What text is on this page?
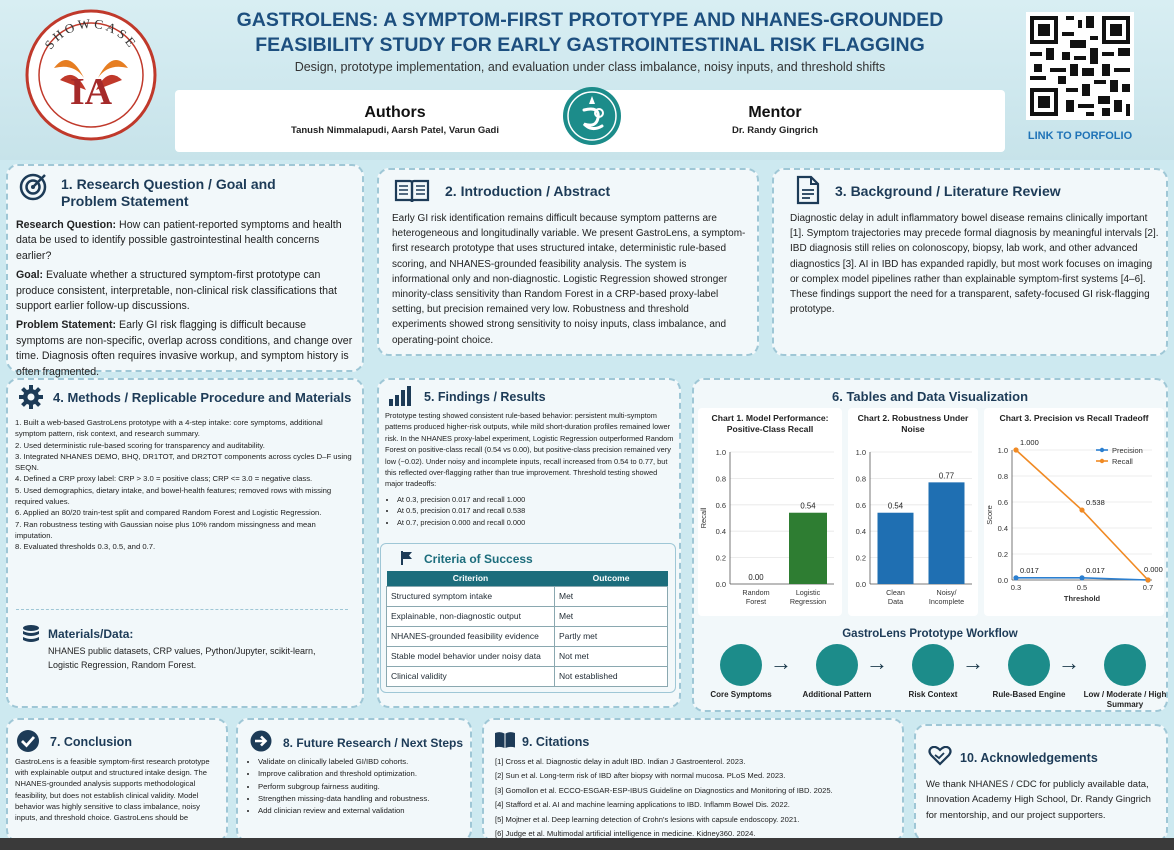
SHOWCASE
IA
GASTROLENS: A SYMPTOM-FIRST PROTOTYPE AND NHANES-GROUNDED
FEASIBILITY STUDY FOR EARLY GASTROINTESTINAL RISK FLAGGING
Design, prototype implementation, and evaluation under class imbalance, noisy inputs, and threshold shifts
Authors
Tanush Nimmalapudi, Aarsh Patel, Varun Gadi
Mentor
Dr. Randy Gingrich	LINK TO PORFOLIO
1. Research Question / Goal and
Problem Statement
Research Question: How can patient-reported symptoms and health data be used to identify possible gastrointestinal health concerns earlier?
Goal: Evaluate whether a structured symptom-first prototype can produce consistent, interpretable, non-clinical risk classifications that support earlier follow-up discussions.
Problem Statement: Early GI risk flagging is difficult because symptoms are non-specific, overlap across conditions, and change over time. Diagnosis often requires invasive workup, and symptom history is often fragmented.
2. Introduction / Abstract
Early GI risk identification remains difficult because symptom patterns are heterogeneous and longitudinally variable. We present GastroLens, a symptom-first research prototype that uses structured intake, deterministic rule-based scoring, and NHANES-grounded feasibility analysis. The system is informational only and non-diagnostic. Logistic Regression showed stronger minority-class sensitivity than Random Forest in a CRP-based proxy-label setting, but precision remained very low. Robustness and threshold experiments showed strong sensitivity to noisy inputs, class imbalance, and operating-point choice.
3. Background / Literature Review
Diagnostic delay in adult inflammatory bowel disease remains clinically important [1]. Symptom trajectories may precede formal diagnosis by meaningful intervals [2]. IBD diagnosis still relies on colonoscopy, biopsy, lab work, and other advanced diagnostics [3]. AI in IBD has expanded rapidly, but most work focuses on imaging or complex model pipelines rather than explainable symptom-first systems [4–6]. These findings support the need for a transparent, safety-focused GI risk-flagging prototype.
4. Methods / Replicable Procedure and Materials
1. Built a web-based GastroLens prototype with a 4-step intake: core symptoms, additional symptom pattern, risk context, and research summary.
2. Used deterministic rule-based scoring for transparency and auditability.
3. Integrated NHANES DEMO, BHQ, DR1TOT, and DR2TOT components across cycles D–F using SEQN.
4. Defined a CRP proxy label: CRP > 3.0 = positive class; CRP <= 3.0 = negative class.
5. Used demographics, dietary intake, and bowel-health features; removed rows with missing required values.
6. Applied an 80/20 train-test split and compared Random Forest and Logistic Regression.
7. Ran robustness testing with Gaussian noise plus 10% random missingness and mean imputation.
8. Evaluated thresholds 0.3, 0.5, and 0.7.
Materials/Data:
NHANES public datasets, CRP values, Python/Jupyter, scikit-learn, Logistic Regression, Random Forest.
5. Findings / Results
Prototype testing showed consistent rule-based behavior: persistent multi-symptom patterns produced higher-risk outputs, while mild short-duration profiles remained lower risk. In the NHANES proxy-label experiment, Logistic Regression outperformed Random Forest on positive-class recall (0.54 vs 0.00), but positive-class precision remained very low (~0.02). Under noisy and incomplete inputs, recall increased from 0.54 to 0.77, but this reflected over-flagging rather than true improvement. Threshold testing showed major tradeoffs:
• At 0.3, precision 0.017 and recall 1.000
• At 0.5, precision 0.017 and recall 0.538
• At 0.7, precision 0.000 and recall 0.000
Criteria of Success
Criterion	Outcome
Structured symptom intake	Met
Explainable, non-diagnostic output	Met
NHANES-grounded feasibility evidence	Partly met
Stable model behavior under noisy data	Not met
Clinical validity	Not established
6. Tables and Data Visualization
Chart 1. Model Performance: Positive-Class Recall
0.0
0.2
0.4
0.6
0.8
1.0
Recall
0.00
Random
Forest
0.54
Logistic
Regression
Chart 2. Robustness Under Noise
0.0
0.2
0.4
0.6
0.8
1.0
0.54
Clean
Data
0.77
Noisy/
Incomplete
Chart 3. Precision vs Recall Tradeoff
0.0
0.2
0.4
0.6
0.8
1.0
Score
0.3	0.5	0.7
Threshold
0.017	0.017
Precision
1.000
0.538
0.000
Recall
GastroLens Prototype Workflow
Core Symptoms
→
Additional Pattern
→
Risk Context
→
Rule-Based Engine
→
Low / Moderate / High Summary
7. Conclusion
GastroLens is a feasible symptom-first research prototype with explainable output and structured intake design. The NHANES-grounded analysis supports methodological feasibility, but does not establish clinical validity. Model behavior was highly sensitive to class imbalance, noisy inputs, and threshold choice. GastroLens should be
8. Future Research / Next Steps
• Validate on clinically labeled GI/IBD cohorts.
• Improve calibration and threshold optimization.
• Perform subgroup fairness auditing.
• Strengthen missing-data handling and robustness.
• Add clinician review and external validation
9. Citations
[1] Cross et al. Diagnostic delay in adult IBD. Indian J Gastroenterol. 2023.
[2] Sun et al. Long-term risk of IBD after biopsy with normal mucosa. PLoS Med. 2023.
[3] Gomollon et al. ECCO-ESGAR-ESP-IBUS Guideline on Diagnostics and Monitoring of IBD. 2025.
[4] Stafford et al. AI and machine learning applications to IBD. Inflamm Bowel Dis. 2022.
[5] Mojtner et al. Deep learning detection of Crohn's lesions with capsule endoscopy. 2021.
[6] Judge et al. Multimodal artificial intelligence in medicine. Kidney360. 2024.
10. Acknowledgements
We thank NHANES / CDC for publicly available data, Innovation Academy High School, Dr. Randy Gingrich for mentorship, and our project supporters.
